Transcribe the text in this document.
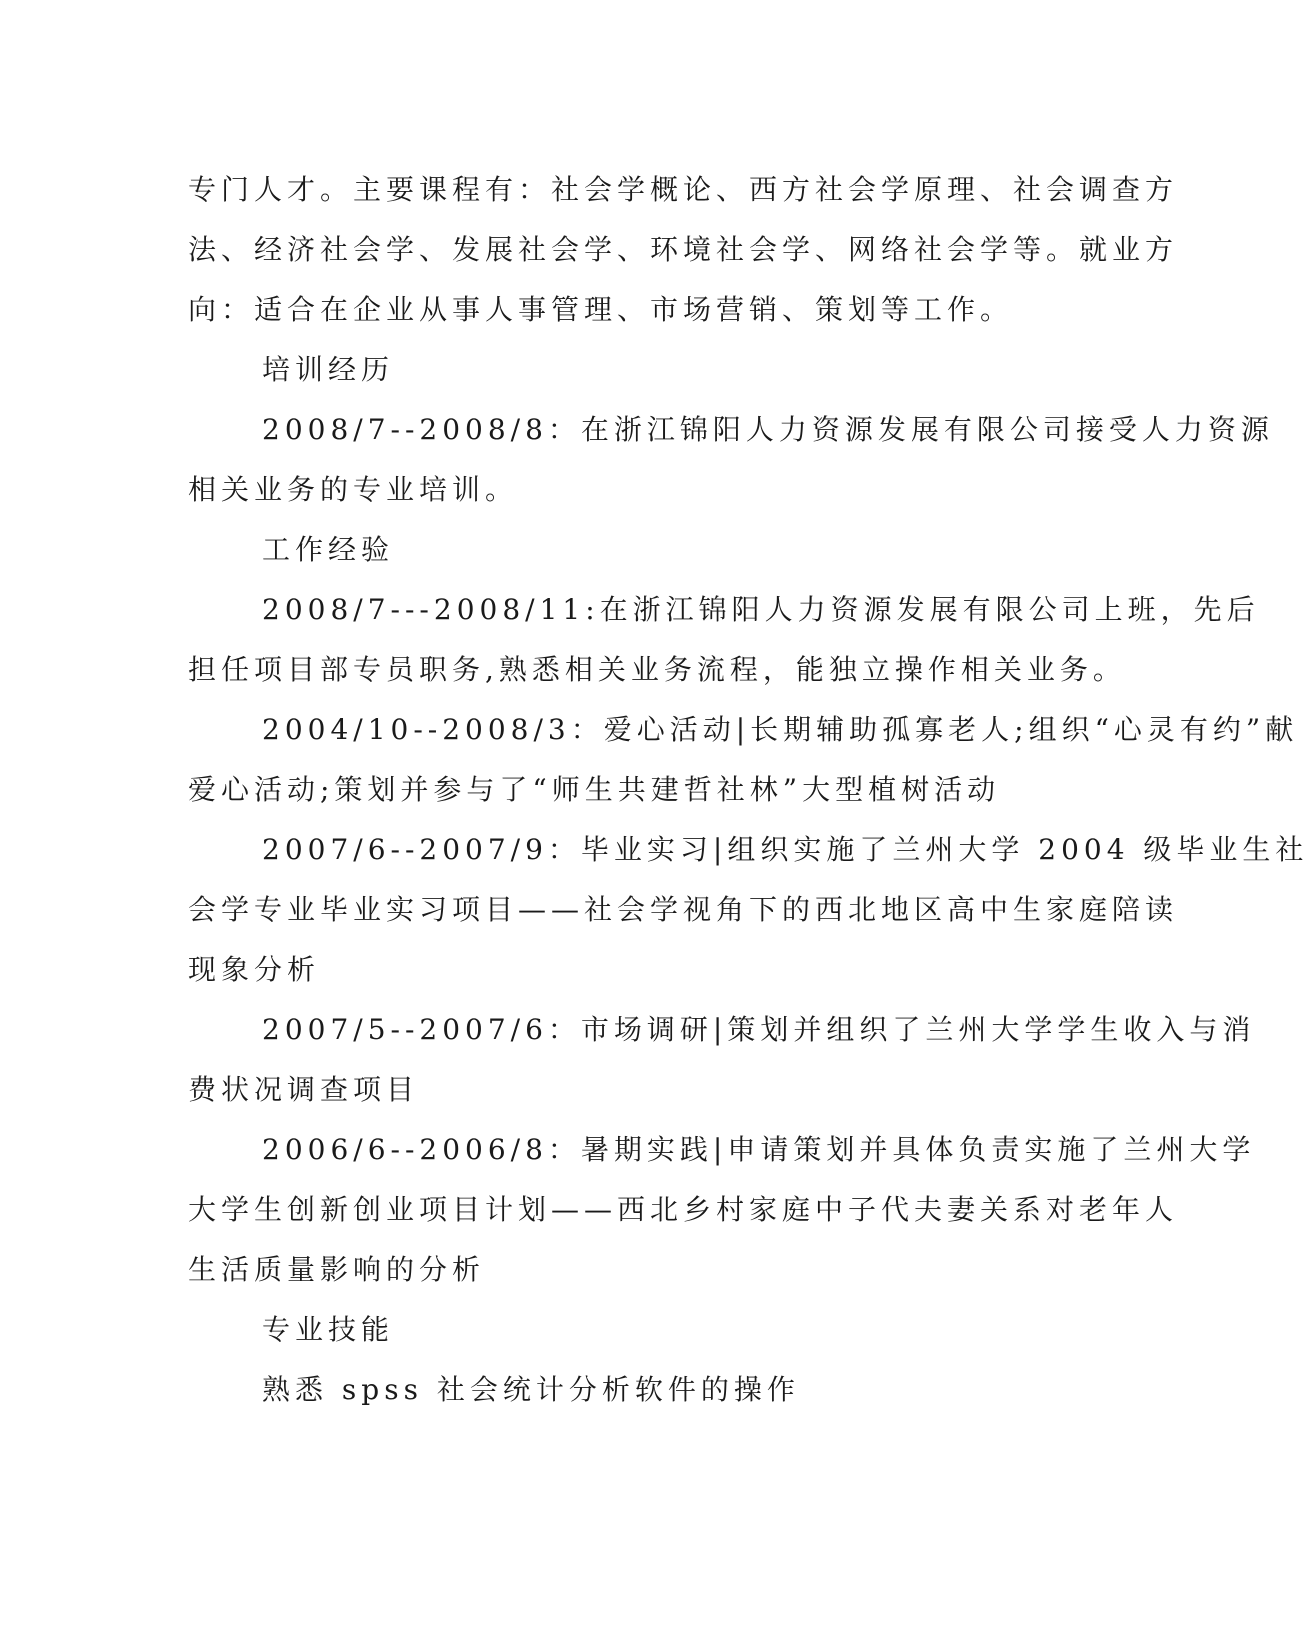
专门人才。主要课程有：社会学概论、西方社会学原理、社会调查方
法、经济社会学、发展社会学、环境社会学、网络社会学等。就业方
向：适合在企业从事人事管理、市场营销、策划等工作。
培训经历
2008/7--2008/8：在浙江锦阳人力资源发展有限公司接受人力资源
相关业务的专业培训。
工作经验
2008/7---2008/11:在浙江锦阳人力资源发展有限公司上班，先后
担任项目部专员职务,熟悉相关业务流程，能独立操作相关业务。
2004/10--2008/3：爱心活动|长期辅助孤寡老人;组织“心灵有约”献
爱心活动;策划并参与了“师生共建哲社林”大型植树活动
2007/6--2007/9：毕业实习|组织实施了兰州大学 2004 级毕业生社
会学专业毕业实习项目——社会学视角下的西北地区高中生家庭陪读
现象分析
2007/5--2007/6：市场调研|策划并组织了兰州大学学生收入与消
费状况调查项目
2006/6--2006/8：暑期实践|申请策划并具体负责实施了兰州大学
大学生创新创业项目计划——西北乡村家庭中子代夫妻关系对老年人
生活质量影响的分析
专业技能
熟悉 spss 社会统计分析软件的操作
